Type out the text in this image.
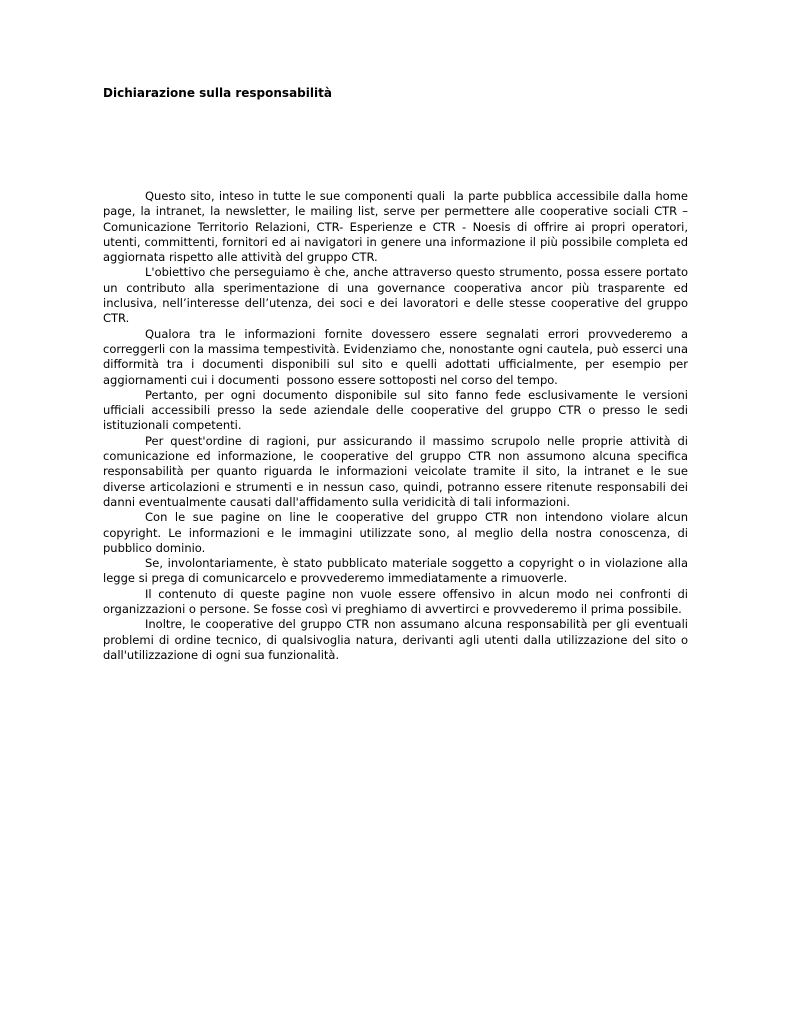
Dichiarazione sulla responsabilità

Questo sito, inteso in tutte le sue componenti quali  la parte pubblica accessibile dalla home page, la intranet, la newsletter, le mailing list, serve per permettere alle cooperative sociali CTR – Comunicazione Territorio Relazioni, CTR- Esperienze e CTR - Noesis di offrire ai propri operatori, utenti, committenti, fornitori ed ai navigatori in genere una informazione il più possibile completa ed aggiornata rispetto alle attività del gruppo CTR.

L'obiettivo che perseguiamo è che, anche attraverso questo strumento, possa essere portato un contributo alla sperimentazione di una governance cooperativa ancor più trasparente ed inclusiva, nell’interesse dell’utenza, dei soci e dei lavoratori e delle stesse cooperative del gruppo CTR.

Qualora tra le informazioni fornite dovessero essere segnalati errori provvederemo a correggerli con la massima tempestività. Evidenziamo che, nonostante ogni cautela, può esserci una difformità tra i documenti disponibili sul sito e quelli adottati ufficialmente, per esempio per aggiornamenti cui i documenti  possono essere sottoposti nel corso del tempo.

Pertanto, per ogni documento disponibile sul sito fanno fede esclusivamente le versioni ufficiali accessibili presso la sede aziendale delle cooperative del gruppo CTR o presso le sedi istituzionali competenti.

Per quest'ordine di ragioni, pur assicurando il massimo scrupolo nelle proprie attività di comunicazione ed informazione, le cooperative del gruppo CTR non assumono alcuna specifica responsabilità per quanto riguarda le informazioni veicolate tramite il sito, la intranet e le sue diverse articolazioni e strumenti e in nessun caso, quindi, potranno essere ritenute responsabili dei danni eventualmente causati dall'affidamento sulla veridicità di tali informazioni.

Con le sue pagine on line le cooperative del gruppo CTR non intendono violare alcun copyright. Le informazioni e le immagini utilizzate sono, al meglio della nostra conoscenza, di pubblico dominio.

Se, involontariamente, è stato pubblicato materiale soggetto a copyright o in violazione alla legge si prega di comunicarcelo e provvederemo immediatamente a rimuoverle.

Il contenuto di queste pagine non vuole essere offensivo in alcun modo nei confronti di organizzazioni o persone. Se fosse così vi preghiamo di avvertirci e provvederemo il prima possibile.

Inoltre, le cooperative del gruppo CTR non assumano alcuna responsabilità per gli eventuali problemi di ordine tecnico, di qualsivoglia natura, derivanti agli utenti dalla utilizzazione del sito o dall'utilizzazione di ogni sua funzionalità.
